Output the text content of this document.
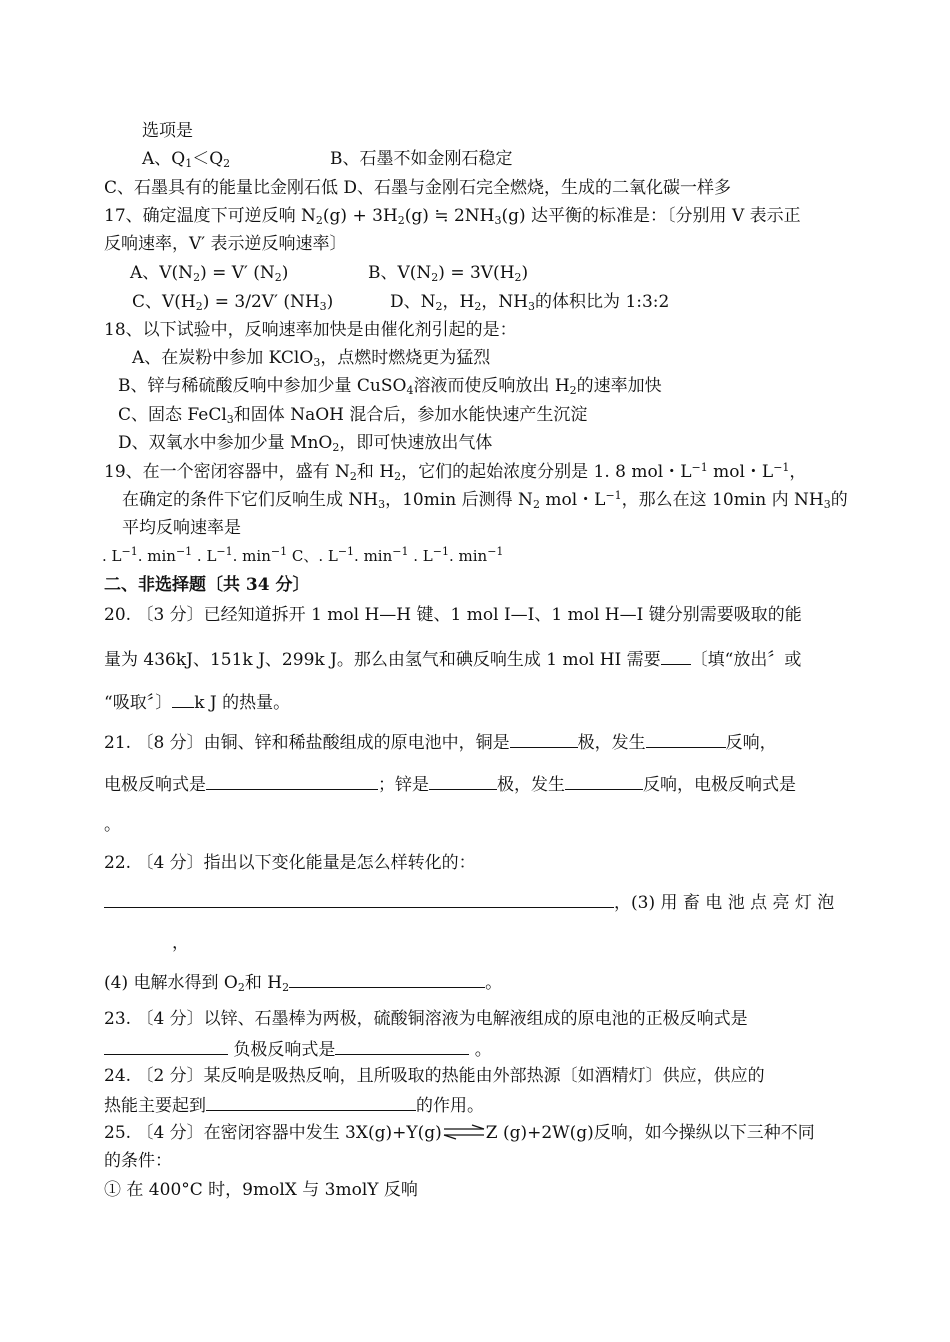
选项是
A、$Q_1<Q_2$	B、石墨不如金刚石稳定
C、石墨具有的能量比金刚石低 D、石墨与金刚石完全燃烧，生成的二氧化碳一样多
17、确定温度下可逆反响 $N_2(g) + 3H_2(g)$ ≒ $2NH_3(g)$ 达平衡的标准是：〔分别用 V 表示正
反响速率，V′ 表示逆反响速率〕
A、$V(N_2) = V'$ $(N_2)$	B、$V(N_2) = 3V(H_2)$
C、$V(H_2) = 3/2V'$ $(NH_3)$	D、$N_2$，$H_2$，$NH_3$的体积比为 1:3:2
18、以下试验中，反响速率加快是由催化剂引起的是：
A、在炭粉中参加 KClO$_3$，点燃时燃烧更为猛烈
B、锌与稀硫酸反响中参加少量 CuSO$_4$溶液而使反响放出 $H_2$的速率加快
C、固态 FeCl$_3$和固体 NaOH 混合后，参加水能快速产生沉淀
D、双氧水中参加少量 MnO$_2$，即可快速放出气体
19、在一个密闭容器中，盛有 $N_2$和 $H_2$，它们的起始浓度分别是 1. 8 mol・$L^{-1}$ mol・$L^{-1}$，
在确定的条件下它们反响生成 $NH_3$，10min 后测得 $N_2$ mol・$L^{-1}$，那么在这 10min 内 $NH_3$的
平均反响速率是
. $L^{-1}$. $\min^{-1}$ . $L^{-1}$. $\min^{-1} C$、. $L^{-1}$. $\min^{-1}$ . $L^{-1}$. $\min^{-1}$
二、非选择题〔共 34 分〕
20. 〔3 分〕已经知道拆开 1 mol H—H 键、1 mol I—I、1 mol H—I 键分别需要吸取的能
量为 436kJ、151k J、299k J。那么由氢气和碘反响生成 1 mol HI 需要 〔填“放出〞或
“吸取〞〕 k J 的热量。
21. 〔8 分〕由铜、锌和稀盐酸组成的原电池中，铜是	极，发生	反响，
电极反响式是	；锌是	极，发生	反响，电极反响式是
。
22. 〔4 分〕指出以下变化能量是怎么样转化的：
，(3) 用 畜 电 池 点 亮 灯 泡
，
(4) 电解水得到 $O_2$和 $H_2$	。
23. 〔4 分〕以锌、石墨棒为两极，硫酸铜溶液为电解液组成的原电池的正极反响式是
负极反响式是	。
24. 〔2 分〕某反响是吸热反响，且所吸取的热能由外部热源〔如酒精灯〕供应，供应的
热能主要起到	的作用。
25. 〔4 分〕在密闭容器中发生 3X(g)+Y(g)⇌Z (g)+2W(g)反响，如今操纵以下三种不同
的条件：
① 在 400°C 时，9molX 与 3molY 反响
